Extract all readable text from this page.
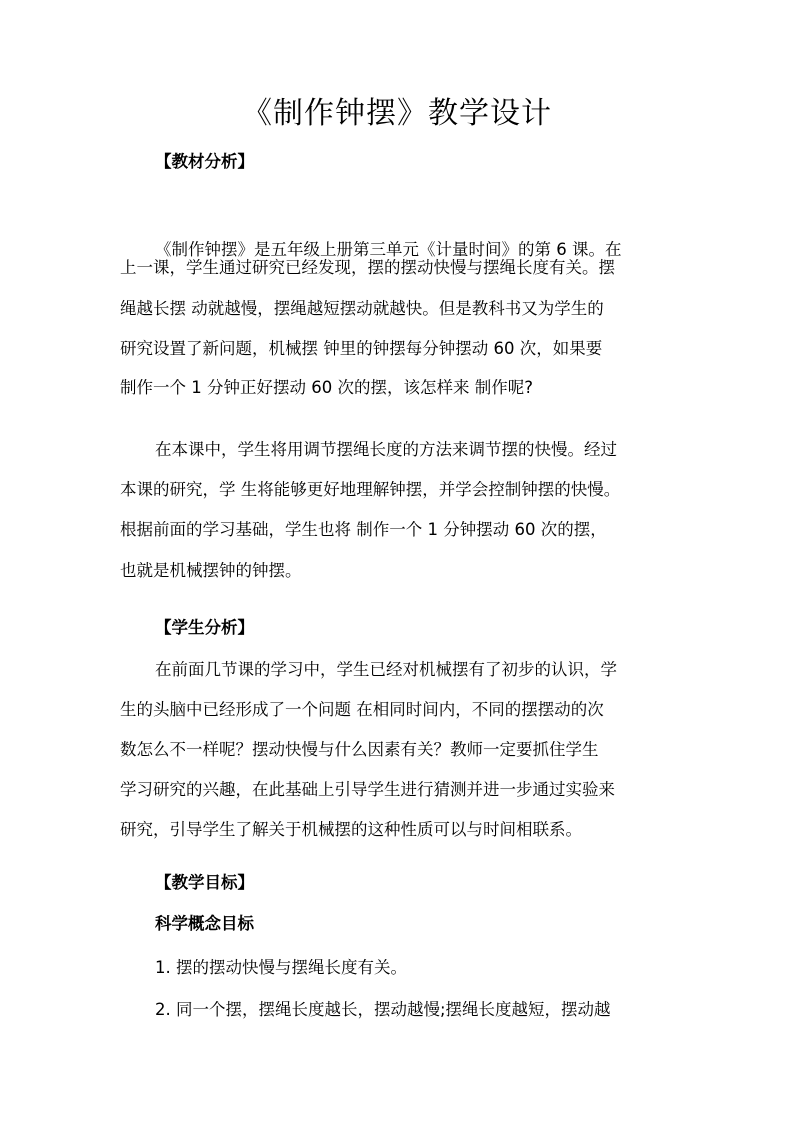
《制作钟摆》教学设计
【教材分析】
《制作钟摆》是五年级上册第三单元《计量时间》的第 6 课。在
上一课，学生通过研究已经发现，摆的摆动快慢与摆绳长度有关。摆
绳越长摆 动就越慢，摆绳越短摆动就越快。但是教科书又为学生的
研究设置了新问题，机械摆 钟里的钟摆每分钟摆动 60 次，如果要
制作一个 1 分钟正好摆动 60 次的摆，该怎样来 制作呢?
在本课中，学生将用调节摆绳长度的方法来调节摆的快慢。经过
本课的研究，学 生将能够更好地理解钟摆，并学会控制钟摆的快慢。
根据前面的学习基础，学生也将 制作一个 1 分钟摆动 60 次的摆，
也就是机械摆钟的钟摆。
【学生分析】
在前面几节课的学习中，学生已经对机械摆有了初步的认识，学
生的头脑中已经形成了一个问题 在相同时间内，不同的摆摆动的次
数怎么不一样呢？摆动快慢与什么因素有关？教师一定要抓住学生
学习研究的兴趣，在此基础上引导学生进行猜测并进一步通过实验来
研究，引导学生了解关于机械摆的这种性质可以与时间相联系。
【教学目标】
科学概念目标
1. 摆的摆动快慢与摆绳长度有关。
2. 同一个摆，摆绳长度越长，摆动越慢;摆绳长度越短，摆动越
